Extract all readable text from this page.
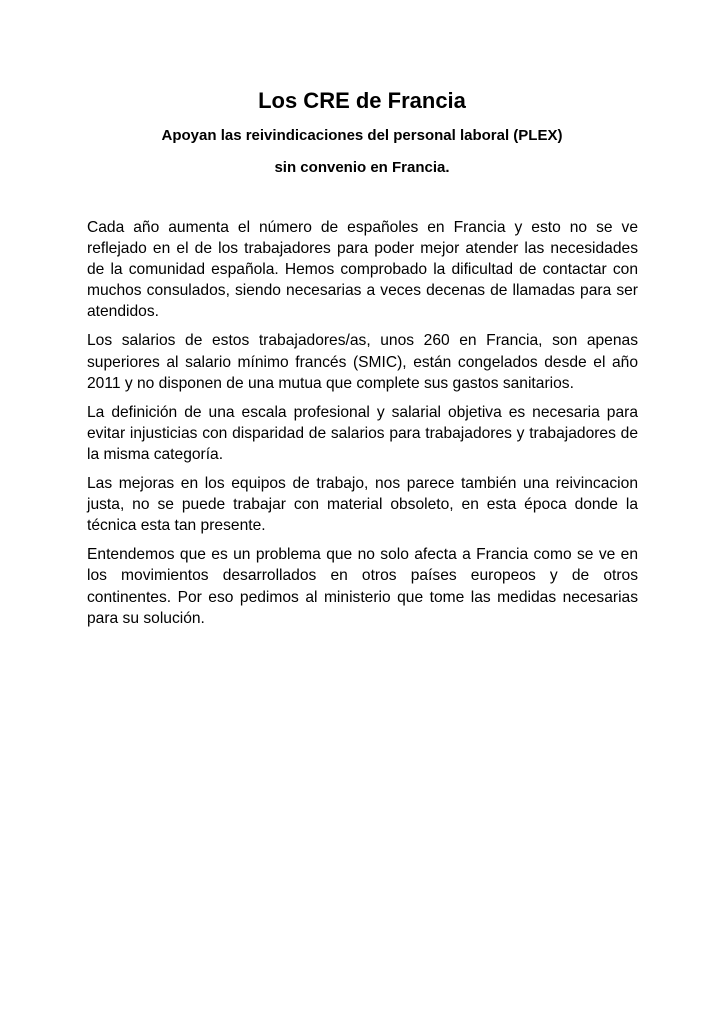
Los CRE de Francia
Apoyan las reivindicaciones del personal laboral (PLEX)
sin convenio en Francia.

Cada año aumenta el número de españoles en Francia y esto no se ve reflejado en el de los trabajadores para poder mejor atender las necesidades de la comunidad española. Hemos comprobado la dificultad de contactar con muchos consulados, siendo necesarias a veces decenas de llamadas para ser atendidos.

Los salarios de estos trabajadores/as, unos 260 en Francia, son apenas superiores al salario mínimo francés (SMIC), están congelados desde el año 2011 y no disponen de una mutua que complete sus gastos sanitarios.

La definición de una escala profesional y salarial objetiva es necesaria para evitar injusticias con disparidad de salarios para trabajadores y trabajadores de la misma categoría.

Las mejoras en los equipos de trabajo, nos parece también una reivincacion justa, no se puede trabajar con material obsoleto, en esta época donde la técnica esta tan presente.

Entendemos que es un problema que no solo afecta a Francia como se ve en los movimientos desarrollados en otros países europeos y de otros continentes. Por eso pedimos al ministerio que tome las medidas necesarias para su solución.
